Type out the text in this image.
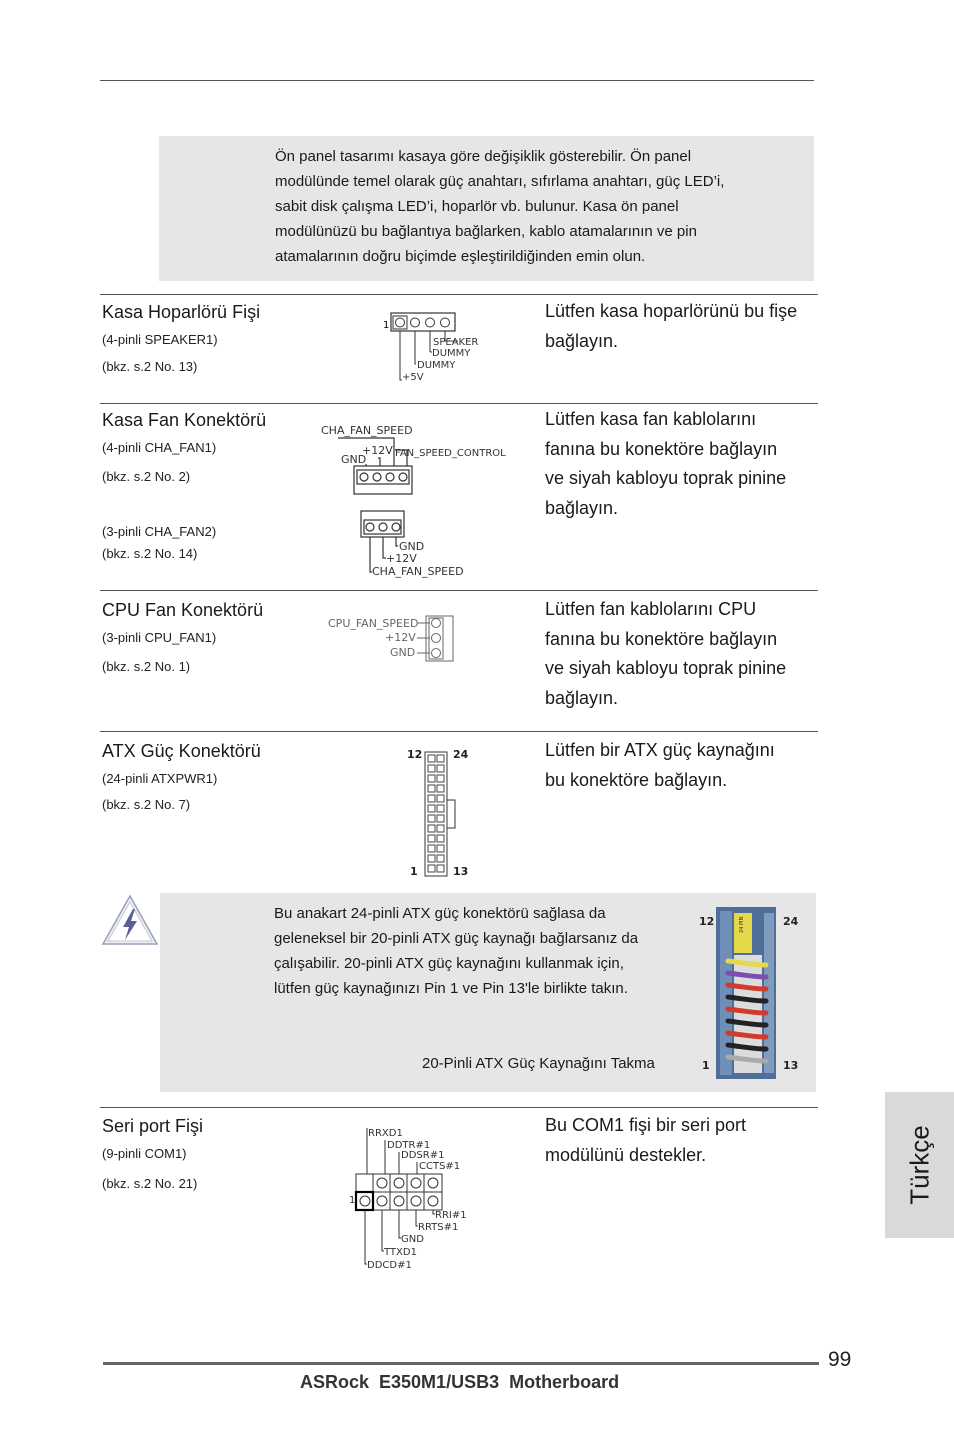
Ön panel tasarımı kasaya göre değişiklik gösterebilir. Ön panel

modülünde temel olarak güç anahtarı, sıfırlama anahtarı, güç LED’i,

sabit disk çalışma LED’i, hoparlör vb. bulunur. Kasa ön panel

modülünüzü bu bağlantıya bağlarken, kablo atamalarının ve pin

atamalarının doğru biçimde eşleştirildiğinden emin olun.

Kasa Hoparlörü Fişi
(4-pinli SPEAKER1)
(bkz. s.2 No. 13)
Lütfen kasa hoparlörünü bu fişe
bağlayın.
1
SPEAKER
DUMMY
DUMMY
+5V
Kasa Fan Konektörü
(4-pinli CHA_FAN1)
(bkz. s.2 No. 2)
(3-pinli CHA_FAN2)
(bkz. s.2 No. 14)
Lütfen kasa fan kablolarını
fanına bu konektöre bağlayın
ve siyah kabloyu toprak pinine
bağlayın.
CHA_FAN_SPEED
+12V
GND	FAN_SPEED_CONTROL
GND
+12V
CHA_FAN_SPEED
CPU Fan Konektörü
(3-pinli CPU_FAN1)
(bkz. s.2 No. 1)
Lütfen fan kablolarını CPU
fanına bu konektöre bağlayın
ve siyah kabloyu toprak pinine
bağlayın.
CPU_FAN_SPEED
+12V
GND
ATX Güç Konektörü
(24-pinli ATXPWR1)
(bkz. s.2 No. 7)
Lütfen bir ATX güç kaynağını
bu konektöre bağlayın.
12	24
1	13

Bu anakart 24-pinli ATX güç konektörü sağlasa da

geleneksel bir 20-pinli ATX güç kaynağı bağlarsanız da

çalışabilir. 20-pinli ATX güç kaynağını kullanmak için,

lütfen güç kaynağınızı Pin 1 ve Pin 13'le birlikte takın.

20-Pinli ATX Güç Kaynağını Takma
12	24
1	13
24 PIN
Seri port Fişi
(9-pinli COM1)
(bkz. s.2 No. 21)
Bu COM1 fişi bir seri port
modülünü destekler.
RRXD1
DDTR#1
DDSR#1
CCTS#1
1
RRI#1
RRTS#1
GND
TTXD1
DDCD#1
Türkçe
99
ASRock  E350M1/USB3  Motherboard
